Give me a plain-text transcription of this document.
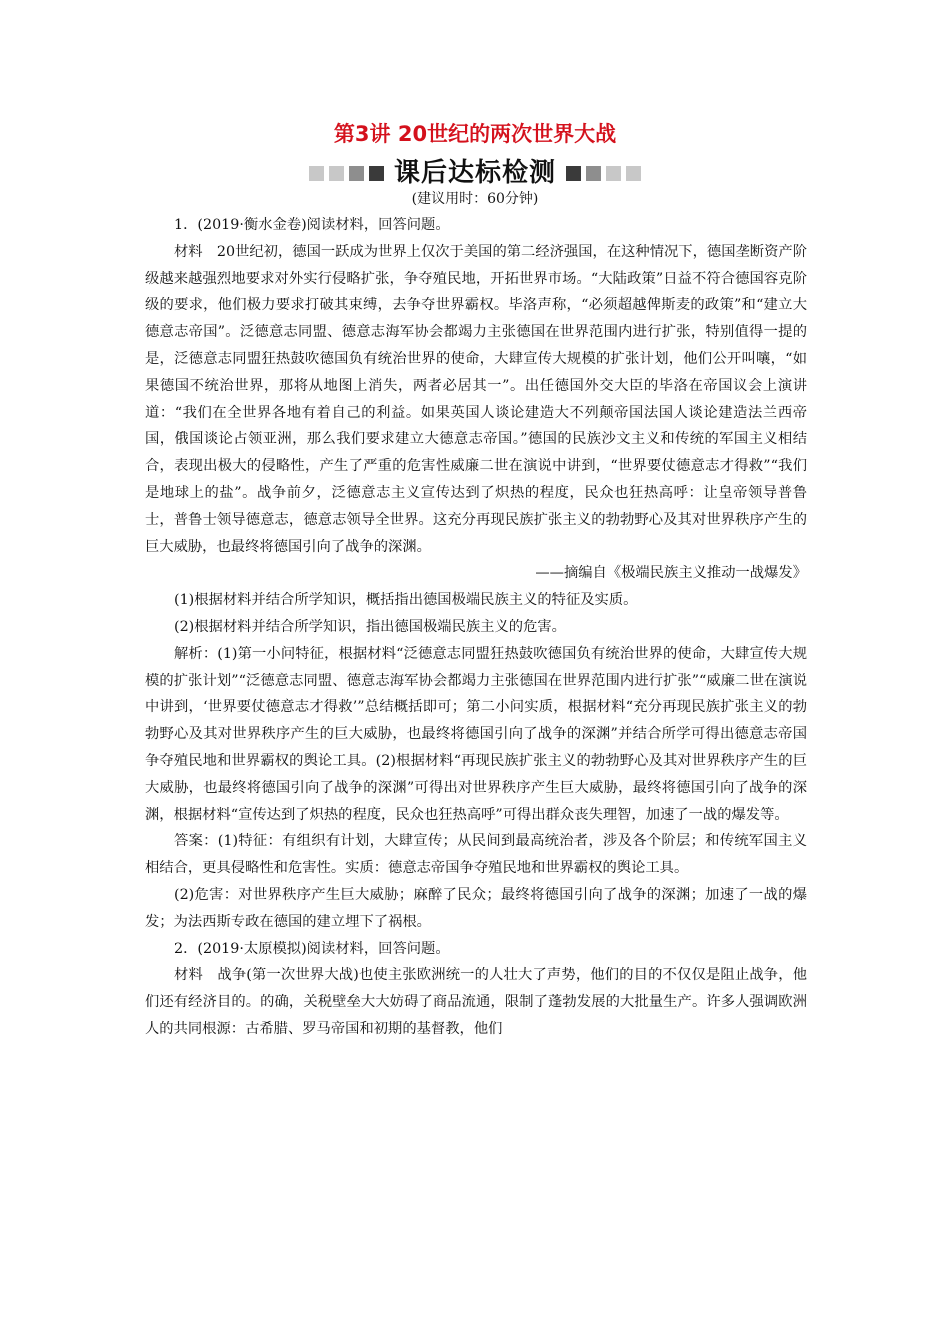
第3讲 20世纪的两次世界大战
课后达标检测
(建议用时：60分钟)

1．(2019·衡水金卷)阅读材料，回答问题。

材料　20世纪初，德国一跃成为世界上仅次于美国的第二经济强国，在这种情况下，德国垄断资产阶级越来越强烈地要求对外实行侵略扩张，争夺殖民地，开拓世界市场。“大陆政策”日益不符合德国容克阶级的要求，他们极力要求打破其束缚，去争夺世界霸权。毕洛声称，“必须超越俾斯麦的政策”和“建立大德意志帝国”。泛德意志同盟、德意志海军协会都竭力主张德国在世界范围内进行扩张，特别值得一提的是，泛德意志同盟狂热鼓吹德国负有统治世界的使命，大肆宣传大规模的扩张计划，他们公开叫嚷，“如果德国不统治世界，那将从地图上消失，两者必居其一”。出任德国外交大臣的毕洛在帝国议会上演讲道：“我们在全世界各地有着自己的利益。如果英国人谈论建造大不列颠帝国法国人谈论建造法兰西帝国，俄国谈论占领亚洲，那么我们要求建立大德意志帝国。”德国的民族沙文主义和传统的军国主义相结合，表现出极大的侵略性，产生了严重的危害性威廉二世在演说中讲到，“世界要仗德意志才得救”“我们是地球上的盐”。战争前夕，泛德意志主义宣传达到了炽热的程度，民众也狂热高呼：让皇帝领导普鲁士，普鲁士领导德意志，德意志领导全世界。这充分再现民族扩张主义的勃勃野心及其对世界秩序产生的巨大威胁，也最终将德国引向了战争的深渊。

——摘编自《极端民族主义推动一战爆发》

(1)根据材料并结合所学知识，概括指出德国极端民族主义的特征及实质。

(2)根据材料并结合所学知识，指出德国极端民族主义的危害。

解析：(1)第一小问特征，根据材料“泛德意志同盟狂热鼓吹德国负有统治世界的使命，大肆宣传大规模的扩张计划”“泛德意志同盟、德意志海军协会都竭力主张德国在世界范围内进行扩张”“威廉二世在演说中讲到，‘世界要仗德意志才得救’”总结概括即可；第二小问实质，根据材料“充分再现民族扩张主义的勃勃野心及其对世界秩序产生的巨大威胁，也最终将德国引向了战争的深渊”并结合所学可得出德意志帝国争夺殖民地和世界霸权的舆论工具。(2)根据材料“再现民族扩张主义的勃勃野心及其对世界秩序产生的巨大威胁，也最终将德国引向了战争的深渊”可得出对世界秩序产生巨大威胁，最终将德国引向了战争的深渊，根据材料“宣传达到了炽热的程度，民众也狂热高呼”可得出群众丧失理智，加速了一战的爆发等。

答案：(1)特征：有组织有计划，大肆宣传；从民间到最高统治者，涉及各个阶层；和传统军国主义相结合，更具侵略性和危害性。实质：德意志帝国争夺殖民地和世界霸权的舆论工具。

(2)危害：对世界秩序产生巨大威胁；麻醉了民众；最终将德国引向了战争的深渊；加速了一战的爆发；为法西斯专政在德国的建立埋下了祸根。

2．(2019·太原模拟)阅读材料，回答问题。

材料　战争(第一次世界大战)也使主张欧洲统一的人壮大了声势，他们的目的不仅仅是阻止战争，他们还有经济目的。的确，关税壁垒大大妨碍了商品流通，限制了蓬勃发展的大批量生产。许多人强调欧洲人的共同根源：古希腊、罗马帝国和初期的基督教，他们
